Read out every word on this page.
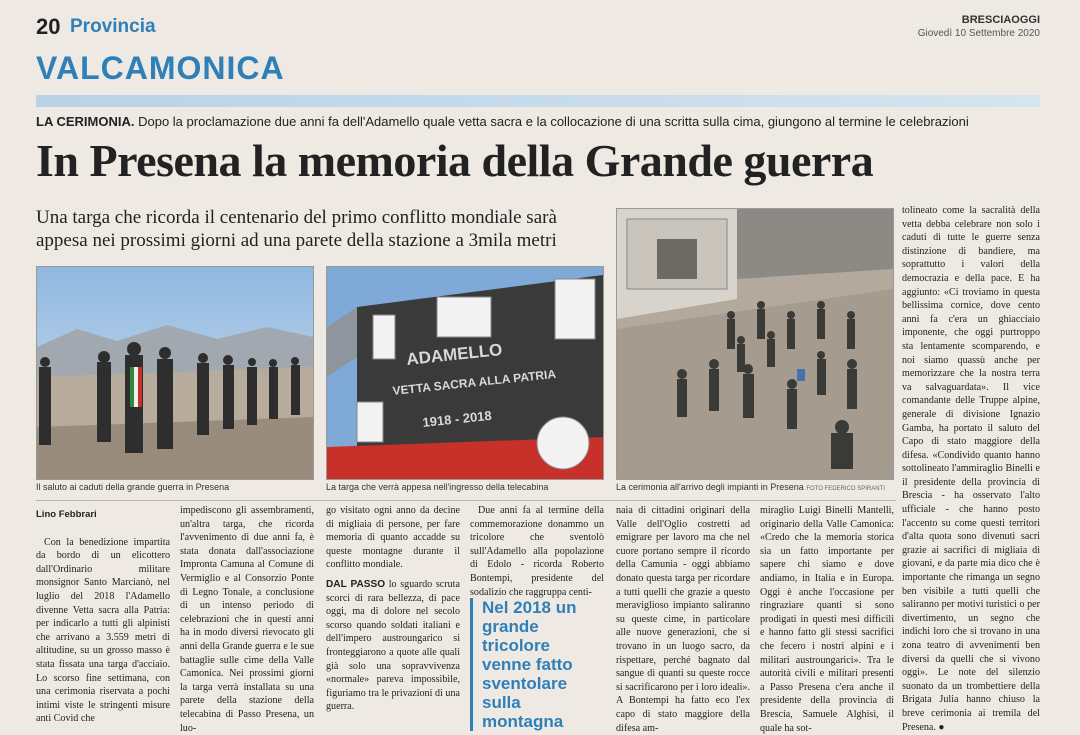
20 Provincia	BRESCIAOGGI
Giovedì 10 Settembre 2020
VALCAMONICA
LA CERIMONIA. Dopo la proclamazione due anni fa dell'Adamello quale vetta sacra e la collocazione di una scritta sulla cima, giungono al termine le celebrazioni
In Presena la memoria della Grande guerra
Una targa che ricorda il centenario del primo conflitto mondiale sarà appesa nei prossimi giorni ad una parete della stazione a 3mila metri
Il saluto ai caduti della grande guerra in Presena
ADAMELLO
VETTA SACRA ALLA PATRIA
1918 - 2018
La targa che verrà appesa nell'ingresso della telecabina	La cerimonia all'arrivo degli impianti in Presena FOTO FEDERICO SPIRANTI

tolineato come la sacralità della vetta debba celebrare non solo i caduti di tutte le guerre senza distinzione di bandiere, ma soprattutto i valori della democrazia e della pace. E ha aggiunto: «Ci troviamo in questa bellissima cornice, dove cento anni fa c'era un ghiacciaio imponente, che oggi purtroppo sta lentamente scomparendo, e noi siamo quassù anche per memorizzare che la nostra terra va salvaguardata». Il vice comandante delle Truppe alpine, generale di divisione Ignazio Gamba, ha portato il saluto del Capo di stato maggiore della difesa. «Condivido quanto hanno sottolineato l'ammiraglio Binelli e il presidente della provincia di Brescia - ha osservato l'alto ufficiale - che hanno posto l'accento su come questi territori d'alta quota sono divenuti sacri grazie ai sacrifici di migliaia di giovani, e da parte mia dico che è importante che rimanga un segno ben visibile a tutti quelli che saliranno per motivi turistici o per divertimento, un segno che indichi loro che si trovano in una zona teatro di avvenimenti ben diversi da quelli che si vivono oggi». Le note del silenzio suonato da un trombettiere della Brigata Julia hanno chiuso la breve cerimonia ai tremila del Presena. ●

Lino Febbrari

Con la benedizione impartita da bordo di un elicottero dall'Ordinario militare monsignor Santo Marcianò, nel luglio del 2018 l'Adamello divenne Vetta sacra alla Patria: per indicarlo a tutti gli alpinisti che arrivano a 3.559 metri di altitudine, su un grosso masso è stata fissata una targa d'acciaio. Lo scorso fine settimana, con una cerimonia riservata a pochi intimi viste le stringenti misure anti Covid che

impediscono gli assembramenti, un'altra targa, che ricorda l'avvenimento di due anni fa, è stata donata dall'associazione Impronta Camuna al Comune di Vermiglio e al Consorzio Ponte di Legno Tonale, a conclusione di un intenso periodo di celebrazioni che in questi anni ha in modo diversi rievocato gli anni della Grande guerra e le sue battaglie sulle cime della Valle Camonica. Nei prossimi giorni la targa verrà installata su una parete della stazione della telecabina di Passo Presena, un luo-

go visitato ogni anno da decine di migliaia di persone, per fare memoria di quanto accadde su queste montagne durante il conflitto mondiale.

DAL PASSO lo sguardo scruta scorci di rara bellezza, di pace oggi, ma di dolore nel secolo scorso quando soldati italiani e dell'impero austroungarico si fronteggiarono a quote alle quali già solo una sopravvivenza «normale» pareva impossibile, figuriamo tra le privazioni di una guerra.

Due anni fa al termine della commemorazione donammo un tricolore che sventolò sull'Adamello alla popolazione di Edolo - ricorda Roberto Bontempi, presidente del sodalizio che raggruppa centi-

Nel 2018 un grande tricolore venne fatto sventolare sulla montagna

naia di cittadini originari della Valle dell'Oglio costretti ad emigrare per lavoro ma che nel cuore portano sempre il ricordo della Camunia - oggi abbiamo donato questa targa per ricordare a tutti quelli che grazie a questo meraviglioso impianto saliranno su queste cime, in particolare alle nuove generazioni, che si trovano in un luogo sacro, da rispettare, perché bagnato dal sangue di quanti su queste rocce si sacrificarono per i loro ideali». A Bontempi ha fatto eco l'ex capo di stato maggiore della difesa am-

miraglio Luigi Binelli Mantelli, originario della Valle Camonica: «Credo che la memoria storica sia un fatto importante per sapere chi siamo e dove andiamo, in Italia e in Europa. Oggi è anche l'occasione per ringraziare quanti si sono prodigati in questi mesi difficili e hanno fatto gli stessi sacrifici che fecero i nostri alpini e i militari austroungarici». Tra le autorità civili e militari presenti a Passo Presena c'era anche il presidente della provincia di Brescia, Samuele Alghisi, il quale ha sot-
